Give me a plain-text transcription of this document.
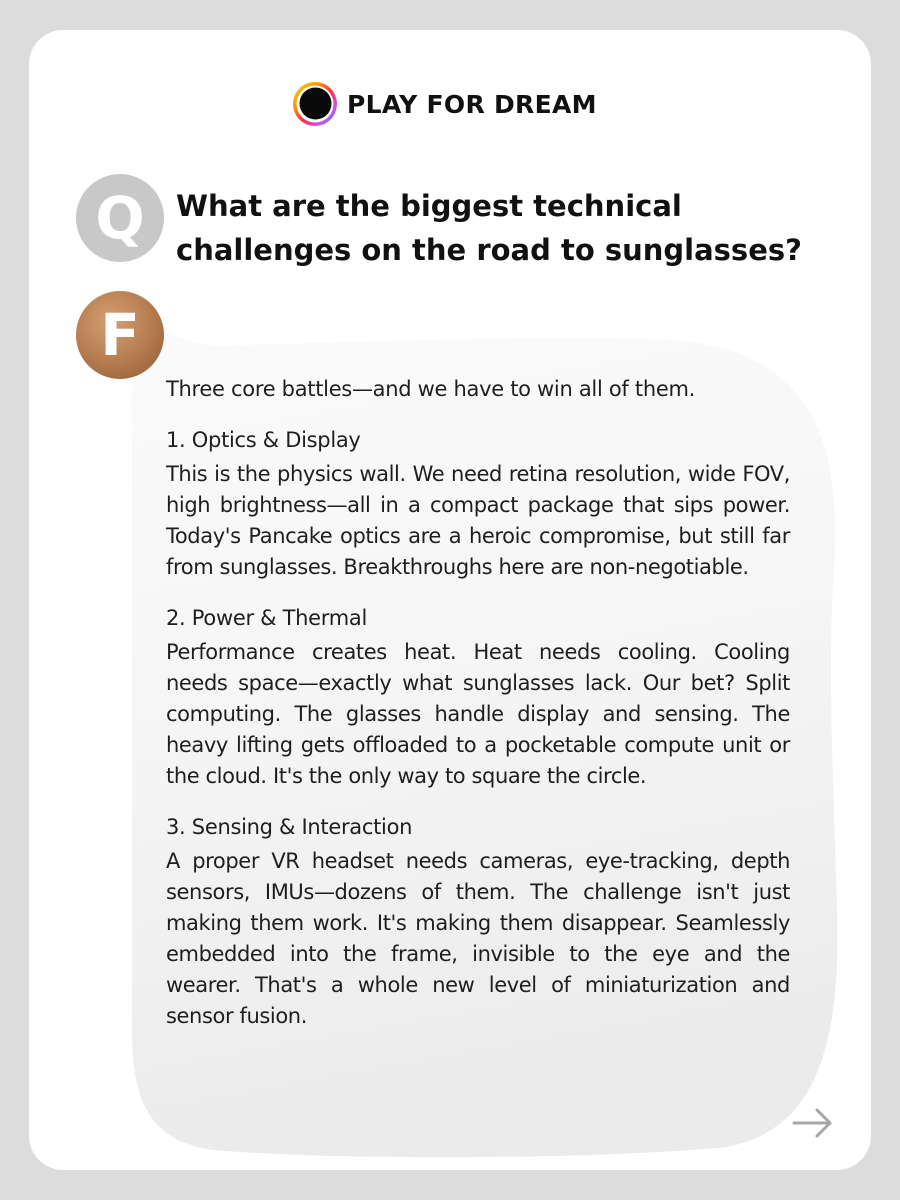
PLAY FOR DREAM
Q	What are the biggest technical challenges on the road to sunglasses?
F

Three core battles—and we have to win all of them.

1. Optics & Display

This is the physics wall. We need retina resolution, wide FOV, high brightness—all in a compact package that sips power. Today's Pancake optics are a heroic compromise, but still far from sunglasses. Breakthroughs here are non-negotiable.

2. Power & Thermal

Performance creates heat. Heat needs cooling. Cooling needs space—exactly what sunglasses lack. Our bet? Split computing. The glasses handle display and sensing. The heavy lifting gets offloaded to a pocketable compute unit or the cloud. It's the only way to square the circle.

3. Sensing & Interaction

A proper VR headset needs cameras, eye-tracking, depth sensors, IMUs—dozens of them. The challenge isn't just making them work. It's making them disappear. Seamlessly embedded into the frame, invisible to the eye and the wearer. That's a whole new level of miniaturization and sensor fusion.
